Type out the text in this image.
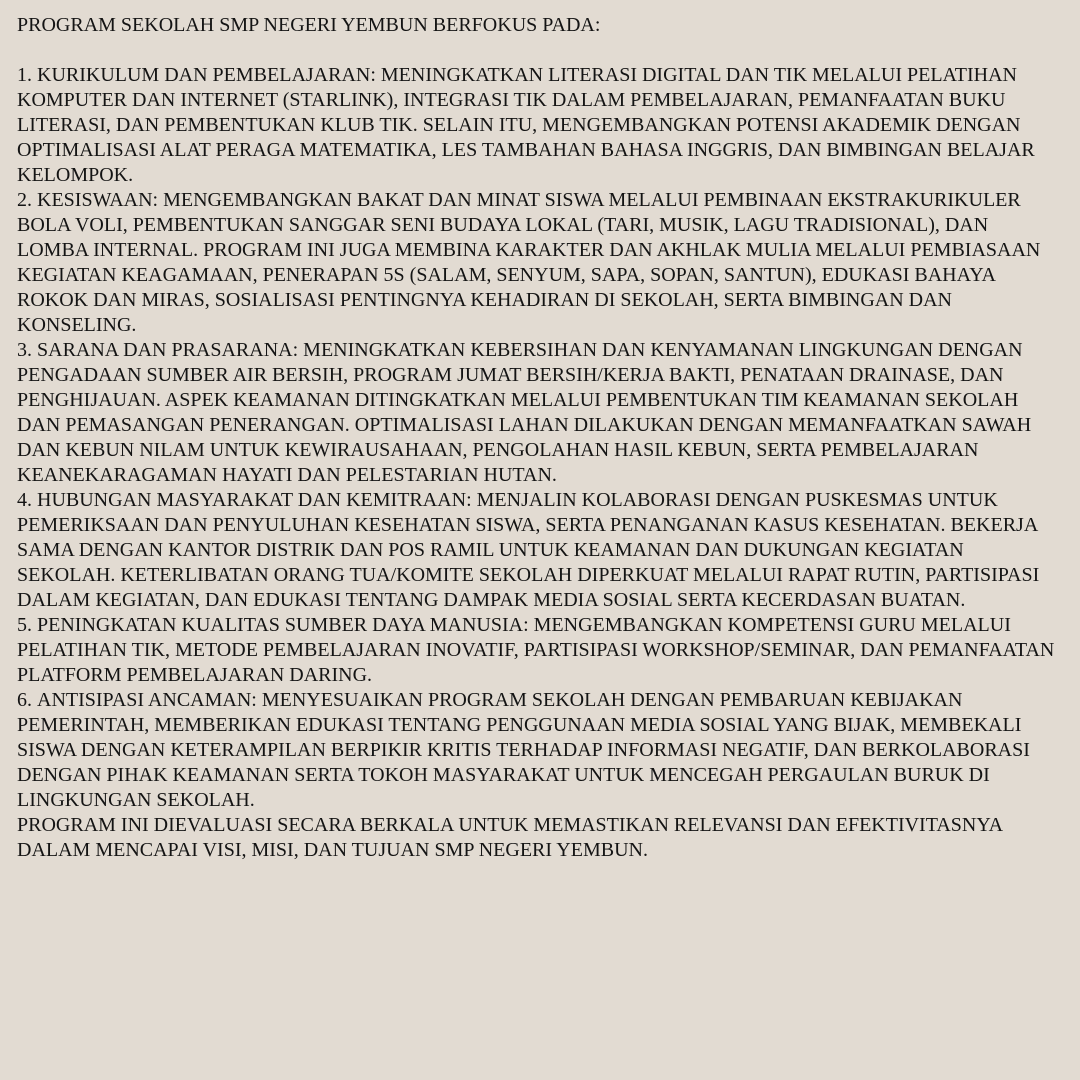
PROGRAM SEKOLAH SMP NEGERI YEMBUN BERFOKUS PADA:

1. KURIKULUM DAN PEMBELAJARAN: MENINGKATKAN LITERASI DIGITAL DAN TIK MELALUI PELATIHAN KOMPUTER DAN INTERNET (STARLINK), INTEGRASI TIK DALAM PEMBELAJARAN, PEMANFAATAN BUKU LITERASI, DAN PEMBENTUKAN KLUB TIK. SELAIN ITU, MENGEMBANGKAN POTENSI AKADEMIK DENGAN OPTIMALISASI ALAT PERAGA MATEMATIKA, LES TAMBAHAN BAHASA INGGRIS, DAN BIMBINGAN BELAJAR KELOMPOK.

2. KESISWAAN: MENGEMBANGKAN BAKAT DAN MINAT SISWA MELALUI PEMBINAAN EKSTRAKURIKULER BOLA VOLI, PEMBENTUKAN SANGGAR SENI BUDAYA LOKAL (TARI, MUSIK, LAGU TRADISIONAL), DAN LOMBA INTERNAL. PROGRAM INI JUGA MEMBINA KARAKTER DAN AKHLAK MULIA MELALUI PEMBIASAAN KEGIATAN KEAGAMAAN, PENERAPAN 5S (SALAM, SENYUM, SAPA, SOPAN, SANTUN), EDUKASI BAHAYA ROKOK DAN MIRAS, SOSIALISASI PENTINGNYA KEHADIRAN DI SEKOLAH, SERTA BIMBINGAN DAN KONSELING.

3. SARANA DAN PRASARANA: MENINGKATKAN KEBERSIHAN DAN KENYAMANAN LINGKUNGAN DENGAN PENGADAAN SUMBER AIR BERSIH, PROGRAM JUMAT BERSIH/KERJA BAKTI, PENATAAN DRAINASE, DAN PENGHIJAUAN. ASPEK KEAMANAN DITINGKATKAN MELALUI PEMBENTUKAN TIM KEAMANAN SEKOLAH DAN PEMASANGAN PENERANGAN. OPTIMALISASI LAHAN DILAKUKAN DENGAN MEMANFAATKAN SAWAH DAN KEBUN NILAM UNTUK KEWIRAUSAHAAN, PENGOLAHAN HASIL KEBUN, SERTA PEMBELAJARAN KEANEKARAGAMAN HAYATI DAN PELESTARIAN HUTAN.

4. HUBUNGAN MASYARAKAT DAN KEMITRAAN: MENJALIN KOLABORASI DENGAN PUSKESMAS UNTUK PEMERIKSAAN DAN PENYULUHAN KESEHATAN SISWA, SERTA PENANGANAN KASUS KESEHATAN. BEKERJA SAMA DENGAN KANTOR DISTRIK DAN POS RAMIL UNTUK KEAMANAN DAN DUKUNGAN KEGIATAN SEKOLAH. KETERLIBATAN ORANG TUA/KOMITE SEKOLAH DIPERKUAT MELALUI RAPAT RUTIN, PARTISIPASI DALAM KEGIATAN, DAN EDUKASI TENTANG DAMPAK MEDIA SOSIAL SERTA KECERDASAN BUATAN.

5. PENINGKATAN KUALITAS SUMBER DAYA MANUSIA: MENGEMBANGKAN KOMPETENSI GURU MELALUI PELATIHAN TIK, METODE PEMBELAJARAN INOVATIF, PARTISIPASI WORKSHOP/SEMINAR, DAN PEMANFAATAN PLATFORM PEMBELAJARAN DARING.

6. ANTISIPASI ANCAMAN: MENYESUAIKAN PROGRAM SEKOLAH DENGAN PEMBARUAN KEBIJAKAN PEMERINTAH, MEMBERIKAN EDUKASI TENTANG PENGGUNAAN MEDIA SOSIAL YANG BIJAK, MEMBEKALI SISWA DENGAN KETERAMPILAN BERPIKIR KRITIS TERHADAP INFORMASI NEGATIF, DAN BERKOLABORASI DENGAN PIHAK KEAMANAN SERTA TOKOH MASYARAKAT UNTUK MENCEGAH PERGAULAN BURUK DI LINGKUNGAN SEKOLAH.

PROGRAM INI DIEVALUASI SECARA BERKALA UNTUK MEMASTIKAN RELEVANSI DAN EFEKTIVITASNYA DALAM MENCAPAI VISI, MISI, DAN TUJUAN SMP NEGERI YEMBUN.
